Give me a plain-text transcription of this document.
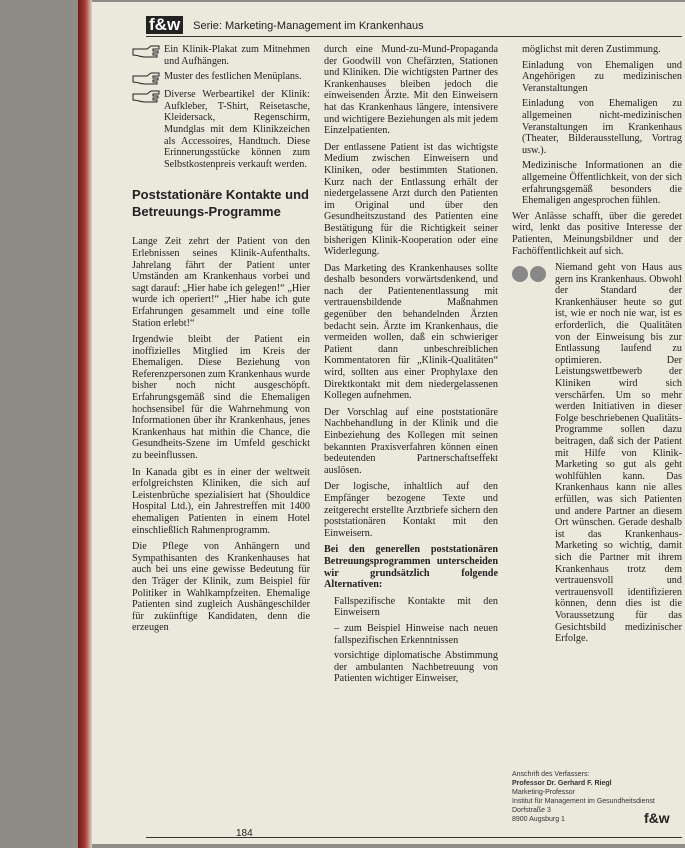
f&w Serie: Marketing-Management im Krankenhaus
Ein Klinik-Plakat zum Mitnehmen und Aufhängen.
Muster des festlichen Menüplans.
Diverse Werbeartikel der Klinik: Aufkleber, T-Shirt, Reisetasche, Kleidersack, Regenschirm, Mundglas mit dem Klinikzeichen als Accessoires, Handtuch. Diese Erinnerungsstücke können zum Selbstkostenpreis verkauft werden.
Poststationäre Kontakte und Betreuungs-Programme

Lange Zeit zehrt der Patient von den Erlebnissen seines Klinik-Aufenthalts. Jahrelang fährt der Patient unter Umständen am Krankenhaus vorbei und sagt darauf: „Hier habe ich gelegen!“ „Hier wurde ich operiert!“ „Hier habe ich gute Erfahrungen gesammelt und eine tolle Station erlebt!“

Irgendwie bleibt der Patient ein inoffizielles Mitglied im Kreis der Ehemaligen. Diese Beziehung von Referenzpersonen zum Krankenhaus wurde bisher noch nicht ausgeschöpft. Erfahrungsgemäß sind die Ehemaligen hochsensibel für die Wahrnehmung von Informationen über ihr Krankenhaus, jenes Krankenhaus hat mithin die Chance, die Gesundheits-Szene im Umfeld geschickt zu beeinflussen.

In Kanada gibt es in einer der weltweit erfolgreichsten Kliniken, die sich auf Leistenbrüche spezialisiert hat (Shouldice Hospital Ltd.), ein Jahrestreffen mit 1400 ehemaligen Patienten in einem Hotel einschließlich Rahmenprogramm.

Die Pflege von Anhängern und Sympathisanten des Krankenhauses hat auch bei uns eine gewisse Bedeutung für den Träger der Klinik, zum Beispiel für Politiker in Wahlkampfzeiten. Ehemalige Patienten sind zugleich Aushängeschilder für zukünftige Kandidaten, denn die erzeugen

durch eine Mund-zu-Mund-Propaganda der Goodwill von Chefärzten, Stationen und Kliniken. Die wichtigsten Partner des Krankenhauses bleiben jedoch die einweisenden Ärzte. Mit den Einweisern hat das Krankenhaus längere, intensivere und wichtigere Beziehungen als mit jedem Einzelpatienten.

Der entlassene Patient ist das wichtigste Medium zwischen Einweisern und Kliniken, oder bestimmten Stationen. Kurz nach der Entlassung erhält der niedergelassene Arzt durch den Patienten im Original und über den Gesundheitszustand des Patienten eine Bestätigung für die Richtigkeit seiner bisherigen Klinik-Kooperation oder eine Widerlegung.

Das Marketing des Krankenhauses sollte deshalb besonders vorwärtsdenkend, und nach der Patientenentlassung mit vertrauensbildende Maßnahmen gegenüber den behandelnden Ärzten bedacht sein. Ärzte im Krankenhaus, die vermeiden wollen, daß ein schwieriger Patient dann unbeschreiblichen Kommentatoren für „Klinik-Qualitäten“ wird, sollten aus einer Prophylaxe den Direktkontakt mit dem niedergelassenen Kollegen aufnehmen.

Der Vorschlag auf eine poststationäre Nachbehandlung in der Klinik und die Einbeziehung des Kollegen mit seinen bekannten Praxisverfahren können einen bedeutenden Partnerschaftseffekt auslösen.

Der logische, inhaltlich auf den Empfänger bezogene Texte und zeitgerecht erstellte Arztbriefe sichern den poststationären Kontakt mit den Einweisern.

Bei den generellen poststationären Betreuungsprogrammen unterscheiden wir grundsätzlich folgende Alternativen:

Fallspezifische Kontakte mit den Einweisern
– zum Beispiel Hinweise nach neuen fallspezifischen Erkenntnissen
vorsichtige diplomatische Abstimmung der ambulanten Nachbetreuung von Patienten wichtiger Einweiser,
möglichst mit deren Zustimmung.
Einladung von Ehemaligen und Angehörigen zu medizinischen Veranstaltungen
Einladung von Ehemaligen zu allgemeinen nicht-medizinischen Veranstaltungen im Krankenhaus (Theater, Bilderausstellung, Vortrag usw.).
Medizinische Informationen an die allgemeine Öffentlichkeit, von der sich erfahrungsgemäß besonders die Ehemaligen angesprochen fühlen.

Wer Anlässe schafft, über die geredet wird, lenkt das positive Interesse der Patienten, Meinungsbildner und der Fachöffentlichkeit auf sich.

Niemand geht von Haus aus gern ins Krankenhaus. Obwohl der Standard der Krankenhäuser heute so gut ist, wie er noch nie war, ist es erforderlich, die Qualitäten von der Einweisung bis zur Entlassung laufend zu optimieren. Der Leistungswettbewerb der Kliniken wird sich verschärfen. Um so mehr werden Initiativen in dieser Folge beschriebenen Qualitäts-Programme sollen dazu beitragen, daß sich der Patient mit Hilfe von Klinik-Marketing so gut als geht wohlfühlen kann. Das Krankenhaus kann nie alles erfüllen, was sich Patienten und andere Partner an diesem Ort wünschen. Gerade deshalb ist das Krankenhaus-Marketing so wichtig, damit sich die Partner mit ihrem Krankenhaus trotz dem vertrauensvoll und vertrauensvoll identifizieren können, denn dies ist die Voraussetzung für das Gesichtsbild medizinischer Erfolge.
Anschrift des Verfassers:
Professor Dr. Gerhard F. Riegl
Marketing-Professor
Institut für Management im Gesundheitsdienst
Dorfstraße 3
8900 Augsburg 1	f&w
184
